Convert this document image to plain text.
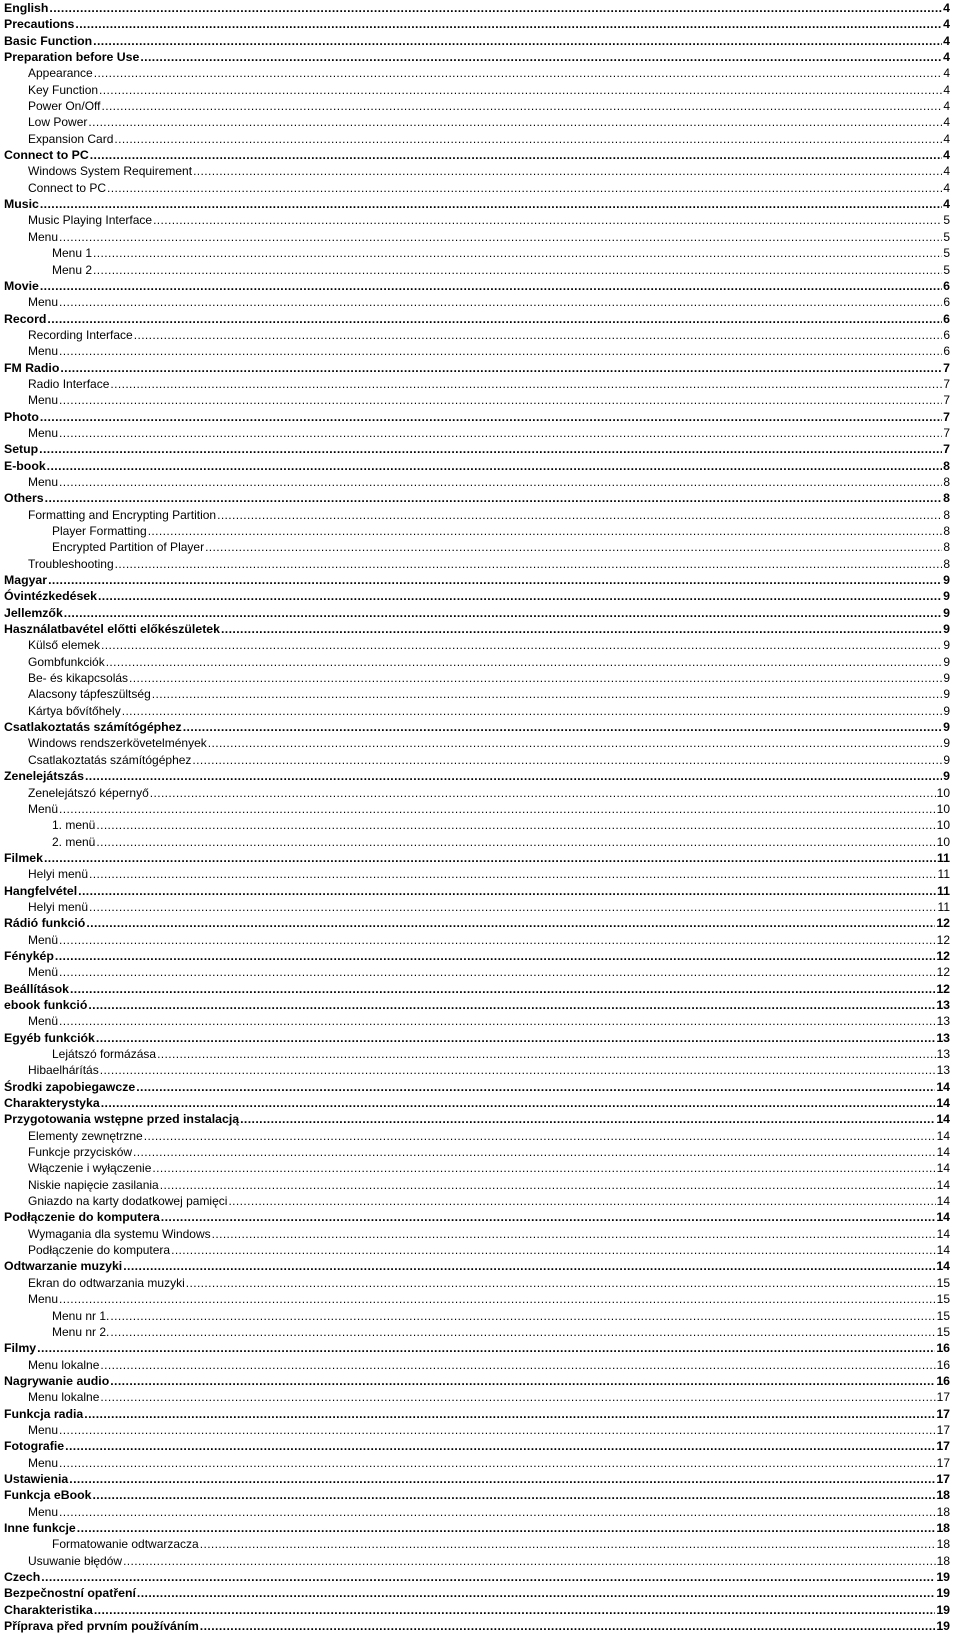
English .....	4
Precautions .....	4
Basic Function .....	4
Preparation before Use .....	4
Appearance .....	4
Key Function .....	4
Power On/Off .....	4
Low Power .....	4
Expansion Card .....	4
Connect to PC .....	4
Windows System Requirement .....	4
Connect to PC .....	4
Music .....	4
Music Playing Interface .....	5
Menu .....	5
Menu 1 .....	5
Menu 2 .....	5
Movie .....	6
Menu .....	6
Record .....	6
Recording Interface .....	6
Menu .....	6
FM Radio .....	7
Radio Interface .....	7
Menu .....	7
Photo .....	7
Menu .....	7
Setup .....	7
E-book .....	8
Menu .....	8
Others .....	8
Formatting and Encrypting Partition .....	8
Player Formatting .....	8
Encrypted Partition of Player .....	8
Troubleshooting .....	8
Magyar .....	9
Óvintézkedések .....	9
Jellemzők .....	9
Használatbavétel előtti előkészületek .....	9
Külső elemek .....	9
Gombfunkciók .....	9
Be- és kikapcsolás .....	9
Alacsony tápfeszültség .....	9
Kártya bővítőhely .....	9
Csatlakoztatás számítógéphez .....	9
Windows rendszerkövetelmények .....	9
Csatlakoztatás számítógéphez .....	9
Zenelejátszás .....	9
Zenelejátszó képernyő .....	10
Menü .....	10
1. menü .....	10
2. menü .....	10
Filmek .....	11
Helyi menü .....	11
Hangfelvétel .....	11
Helyi menü .....	11
Rádió funkció .....	12
Menü .....	12
Fénykép .....	12
Menü .....	12
Beállítások .....	12
ebook funkció .....	13
Menü .....	13
Egyéb funkciók .....	13
Lejátszó formázása .....	13
Hibaelhárítás .....	13
Środki zapobiegawcze .....	14
Charakterystyka .....	14
Przygotowania wstępne przed instalacją .....	14
Elementy zewnętrzne .....	14
Funkcje przycisków .....	14
Włączenie i wyłączenie .....	14
Niskie napięcie zasilania .....	14
Gniazdo na karty dodatkowej pamięci .....	14
Podłączenie do komputera .....	14
Wymagania dla systemu Windows .....	14
Podłączenie do komputera .....	14
Odtwarzanie muzyki .....	14
Ekran do odtwarzania muzyki .....	15
Menu .....	15
Menu nr 1. .....	15
Menu nr 2. .....	15
Filmy .....	16
Menu lokalne .....	16
Nagrywanie audio .....	16
Menu lokalne .....	17
Funkcja radia .....	17
Menu .....	17
Fotografie .....	17
Menu .....	17
Ustawienia .....	17
Funkcja eBook .....	18
Menu .....	18
Inne funkcje .....	18
Formatowanie odtwarzacza .....	18
Usuwanie błędów .....	18
Czech .....	19
Bezpečnostní opatření .....	19
Charakteristika .....	19
Příprava před prvním používáním .....	19
